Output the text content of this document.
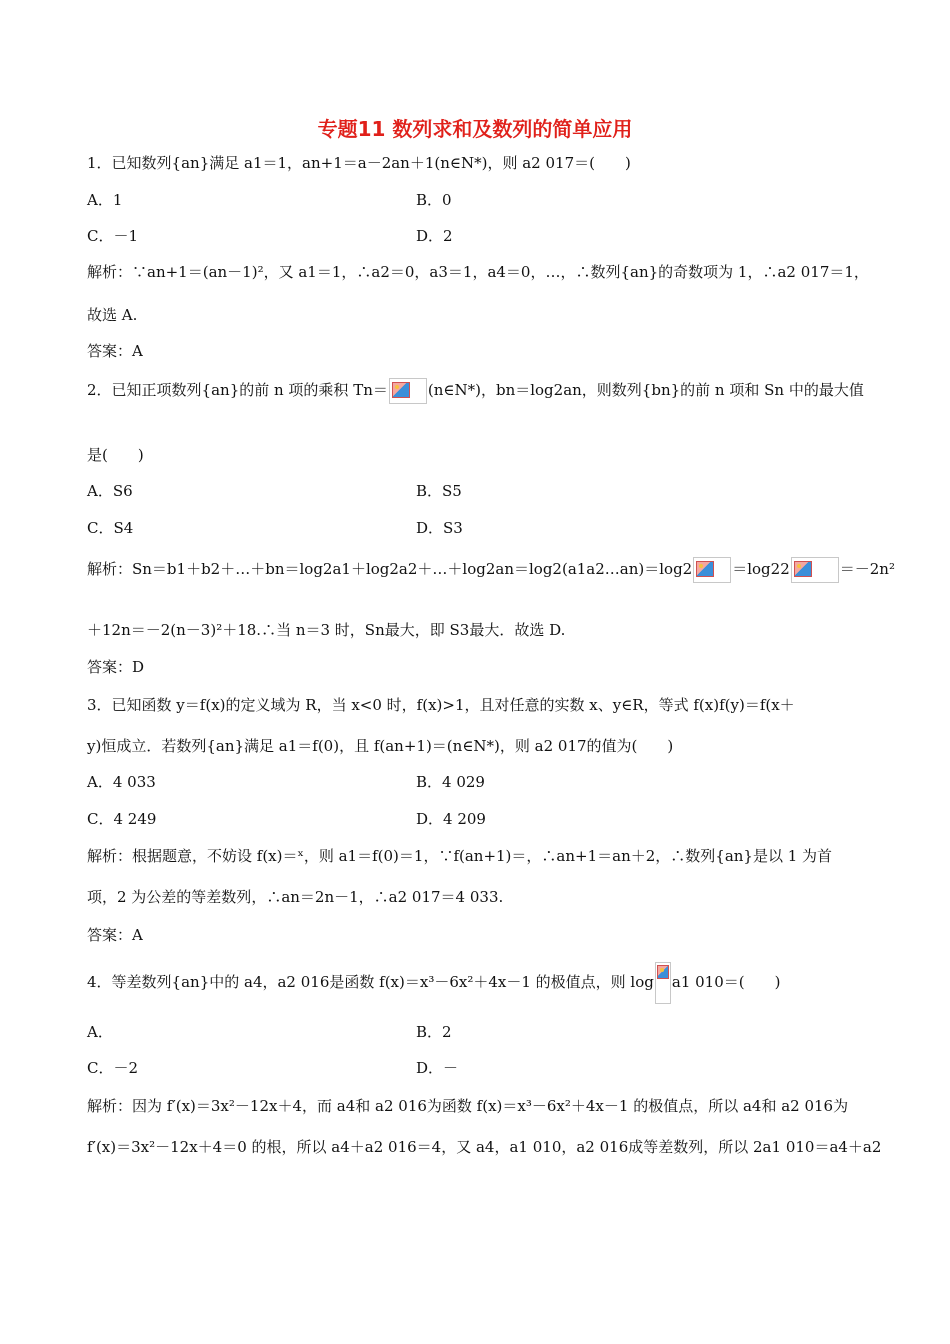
专题11 数列求和及数列的简单应用
1．已知数列{an}满足 a1＝1，an+1＝a－2an＋1(n∈N*)，则 a2 017＝(　　)
A．1	B．0
C．－1	D．2
解析：∵an+1＝(an－1)²，又 a1＝1，∴a2＝0，a3＝1，a4＝0，…，∴数列{an}的奇数项为 1，∴a2 017＝1，
故选 A.
答案：A
2．已知正项数列{an}的前 n 项的乘积 Tn＝	(n∈N*)，bn＝log2an，则数列{bn}的前 n 项和 Sn 中的最大值
是(　　)
A．S6	B．S5
C．S4	D．S3
解析：Sn＝b1＋b2＋…＋bn＝log2a1＋log2a2＋…＋log2an＝log2(a1a2…an)＝log2	＝log22	＝－2n²
＋12n＝－2(n－3)²＋18.∴当 n＝3 时，Sn最大，即 S3最大．故选 D.
答案：D
3．已知函数 y＝f(x)的定义域为 R，当 x<0 时，f(x)>1，且对任意的实数 x、y∈R，等式 f(x)f(y)＝f(x＋
y)恒成立．若数列{an}满足 a1＝f(0)，且 f(an+1)＝(n∈N*)，则 a2 017的值为(　　)
A．4 033	B．4 029
C．4 249	D．4 209
解析：根据题意，不妨设 f(x)＝ˣ，则 a1＝f(0)＝1，∵f(an+1)＝，∴an+1＝an＋2，∴数列{an}是以 1 为首
项，2 为公差的等差数列，∴an＝2n－1，∴a2 017＝4 033.
答案：A
4．等差数列{an}中的 a4，a2 016是函数 f(x)＝x³－6x²＋4x－1 的极值点，则 log a1 010＝(　　)
A．	B．2
C．－2	D．－
解析：因为 f′(x)＝3x²－12x＋4，而 a4和 a2 016为函数 f(x)＝x³－6x²＋4x－1 的极值点，所以 a4和 a2 016为
f′(x)＝3x²－12x＋4＝0 的根，所以 a4＋a2 016＝4，又 a4，a1 010，a2 016成等差数列，所以 2a1 010＝a4＋a2
